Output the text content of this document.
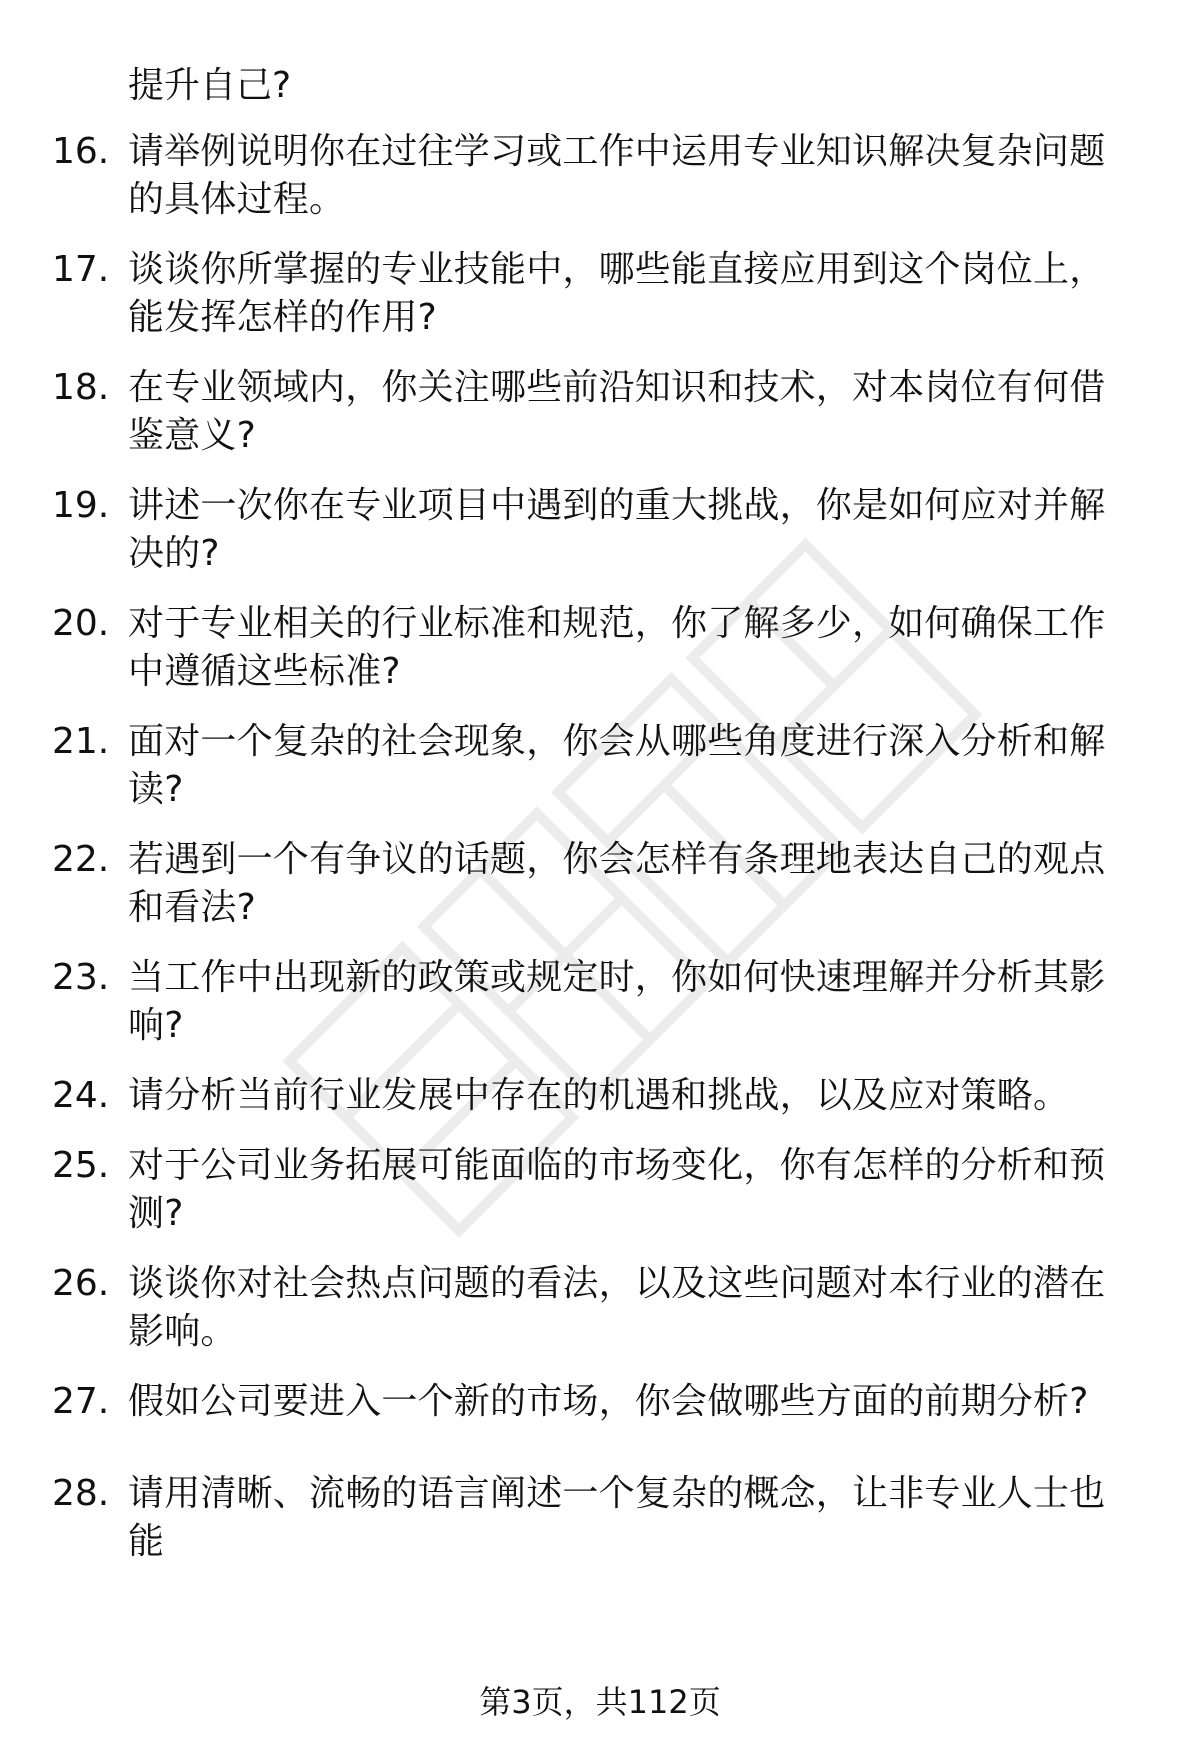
提升自己?

16. 请举例说明你在过往学习或工作中运用专业知识解决复杂问题的具体过程。
17. 谈谈你所掌握的专业技能中，哪些能直接应用到这个岗位上，能发挥怎样的作用?
18. 在专业领域内，你关注哪些前沿知识和技术，对本岗位有何借鉴意义?
19. 讲述一次你在专业项目中遇到的重大挑战，你是如何应对并解决的?
20. 对于专业相关的行业标准和规范，你了解多少，如何确保工作中遵循这些标准?
21. 面对一个复杂的社会现象，你会从哪些角度进行深入分析和解读?
22. 若遇到一个有争议的话题，你会怎样有条理地表达自己的观点和看法?
23. 当工作中出现新的政策或规定时，你如何快速理解并分析其影响?
24. 请分析当前行业发展中存在的机遇和挑战，以及应对策略。
25. 对于公司业务拓展可能面临的市场变化，你有怎样的分析和预测?
26. 谈谈你对社会热点问题的看法，以及这些问题对本行业的潜在影响。
27. 假如公司要进入一个新的市场，你会做哪些方面的前期分析?
28. 请用清晰、流畅的语言阐述一个复杂的概念，让非专业人士也能
第3页，共112页
